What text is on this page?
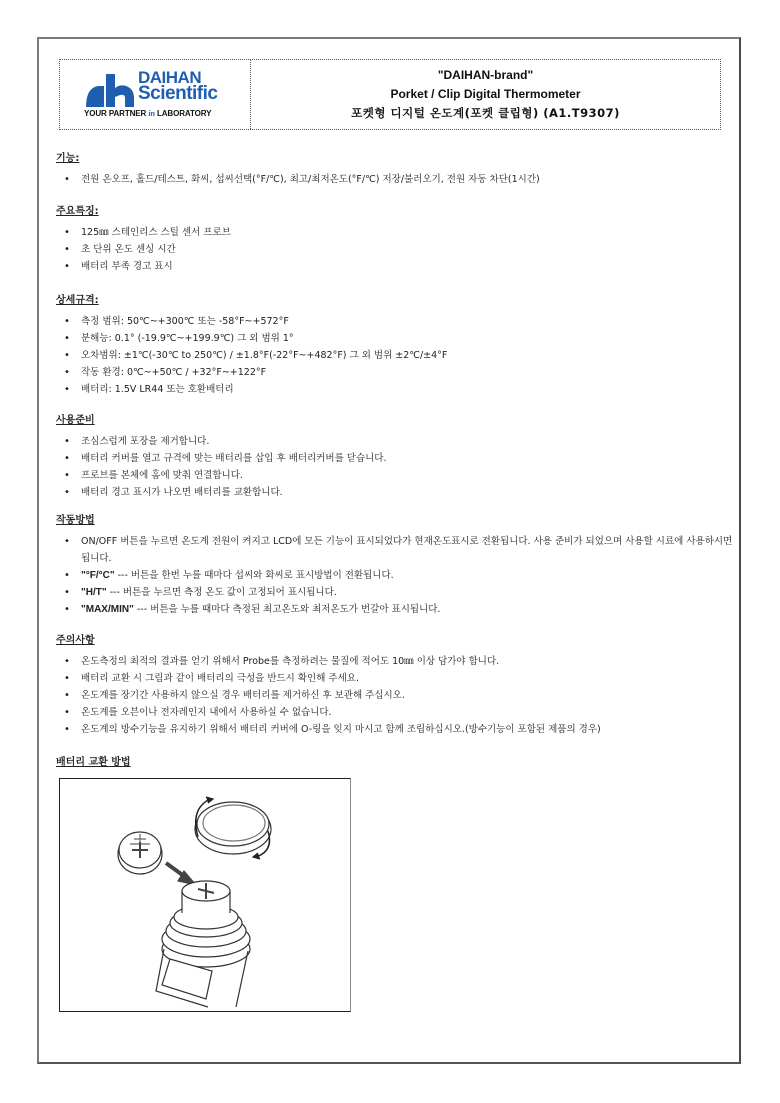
DAIHAN
Scientific
YOUR PARTNER in LABORATORY
"DAIHAN-brand"
Porket / Clip Digital Thermometer
포켓형 디지털 온도계(포켓 클립형) (A1.T9307)
기능:
• 전원 온오프, 홀드/테스트, 화씨, 섭씨선택(°F/℃), 최고/최저온도(°F/℃) 저장/불러오기, 전원 자동 차단(1시간)
주요특징:
• 125㎜ 스테인리스 스틸 센서 프로브
• 초 단위 온도 센싱 시간
• 배터리 부족 경고 표시
상세규격:
• 측정 범위: 50℃~+300℃ 또는 -58°F~+572°F
• 분해능: 0.1° (-19.9℃~+199.9℃) 그 외 범위 1°
• 오차범위: ±1℃(-30℃ to 250℃) / ±1.8°F(-22°F~+482°F) 그 외 범위 ±2℃/±4°F
• 작동 환경: 0℃~+50℃ / +32°F~+122°F
• 배터리: 1.5V LR44 또는 호환배터리
사용준비
• 조심스럽게 포장을 제거합니다.
• 배터리 커버를 열고 규격에 맞는 배터리를 삽입 후 배터리커버를 닫습니다.
• 프로브를 본체에 홈에 맞춰 연결합니다.
• 배터리 경고 표시가 나오면 배터리를 교환합니다.
작동방법
• ON/OFF 버튼을 누르면 온도계 전원이 켜지고 LCD에 모든 기능이 표시되었다가 현재온도표시로 전환됩니다. 사용 준비가 되었으며 사용할 시료에 사용하시면 됩니다.
• "°F/°C" --- 버튼을 한번 누를 때마다 섭씨와 화씨로 표시방법이 전환됩니다.
• "H/T" --- 버튼을 누르면 측정 온도 값이 고정되어 표시됩니다.
• "MAX/MIN" --- 버튼을 누를 때마다 측정된 최고온도와 최저온도가 번갈아 표시됩니다.
주의사항
• 온도측정의 최적의 결과를 얻기 위해서 Probe를 측정하려는 물질에 적어도 10㎜ 이상 담가야 합니다.
• 배터리 교환 시 그림과 같이 배터리의 극성을 반드시 확인해 주세요.
• 온도계를 장기간 사용하지 않으실 경우 배터리를 제거하신 후 보관해 주십시오.
• 온도계를 오븐이나 전자레인지 내에서 사용하실 수 없습니다.
• 온도계의 방수기능을 유지하기 위해서 배터리 커버에 O-링을 잊지 마시고 함께 조립하십시오.(방수기능이 포함된 제품의 경우)
배터리 교환 방법
